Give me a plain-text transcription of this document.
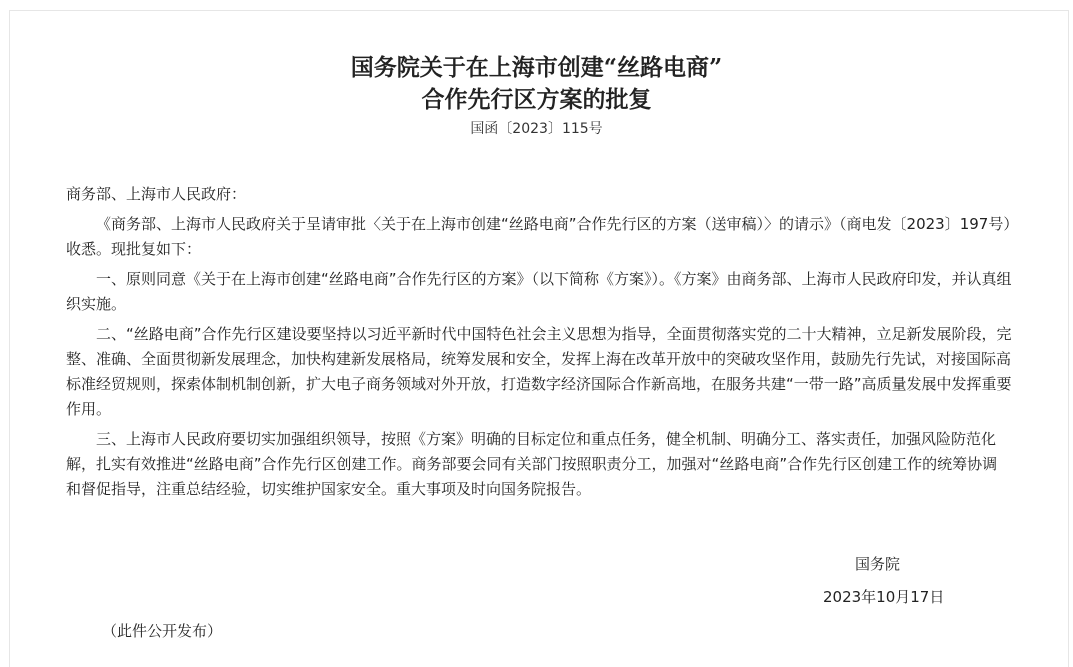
国务院关于在上海市创建“丝路电商”
合作先行区方案的批复
国函〔2023〕115号

商务部、上海市人民政府：

《商务部、上海市人民政府关于呈请审批〈关于在上海市创建“丝路电商”合作先行区的方案（送审稿）〉的请示》（商电发〔2023〕197号）收悉。现批复如下：

一、原则同意《关于在上海市创建“丝路电商”合作先行区的方案》（以下简称《方案》）。《方案》由商务部、上海市人民政府印发，并认真组织实施。

二、“丝路电商”合作先行区建设要坚持以习近平新时代中国特色社会主义思想为指导，全面贯彻落实党的二十大精神，立足新发展阶段，完整、准确、全面贯彻新发展理念，加快构建新发展格局，统筹发展和安全，发挥上海在改革开放中的突破攻坚作用，鼓励先行先试，对接国际高标准经贸规则，探索体制机制创新，扩大电子商务领域对外开放，打造数字经济国际合作新高地，在服务共建“一带一路”高质量发展中发挥重要作用。

三、上海市人民政府要切实加强组织领导，按照《方案》明确的目标定位和重点任务，健全机制、明确分工、落实责任，加强风险防范化解，扎实有效推进“丝路电商”合作先行区创建工作。商务部要会同有关部门按照职责分工，加强对“丝路电商”合作先行区创建工作的统筹协调和督促指导，注重总结经验，切实维护国家安全。重大事项及时向国务院报告。

国务院
2023年10月17日
（此件公开发布）
